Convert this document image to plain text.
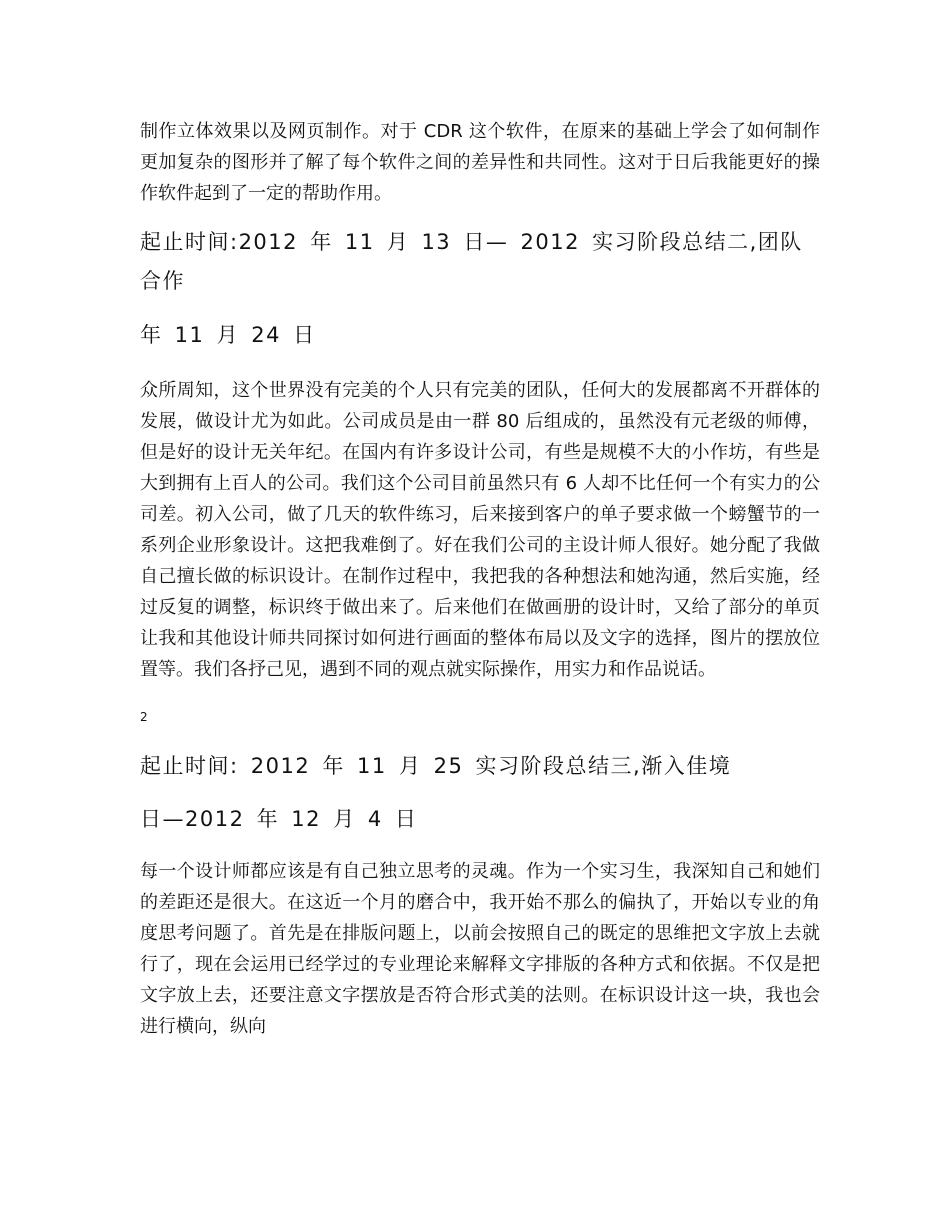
制作立体效果以及网页制作。对于 CDR 这个软件，在原来的基础上学会了如何制作更加复杂的图形并了解了每个软件之间的差异性和共同性。这对于日后我能更好的操作软件起到了一定的帮助作用。

起止时间:2012 年 11 月 13 日— 2012 实习阶段总结二,团队合作

年 11 月 24 日

众所周知，这个世界没有完美的个人只有完美的团队，任何大的发展都离不开群体的发展，做设计尤为如此。公司成员是由一群 80 后组成的，虽然没有元老级的师傅，但是好的设计无关年纪。在国内有许多设计公司，有些是规模不大的小作坊，有些是大到拥有上百人的公司。我们这个公司目前虽然只有 6 人却不比任何一个有实力的公司差。初入公司，做了几天的软件练习，后来接到客户的单子要求做一个螃蟹节的一系列企业形象设计。这把我难倒了。好在我们公司的主设计师人很好。她分配了我做自己擅长做的标识设计。在制作过程中，我把我的各种想法和她沟通，然后实施，经过反复的调整，标识终于做出来了。后来他们在做画册的设计时，又给了部分的单页让我和其他设计师共同探讨如何进行画面的整体布局以及文字的选择，图片的摆放位置等。我们各抒己见，遇到不同的观点就实际操作，用实力和作品说话。

2

起止时间: 2012 年 11 月 25 实习阶段总结三,渐入佳境

日—2012 年 12 月 4 日

每一个设计师都应该是有自己独立思考的灵魂。作为一个实习生，我深知自己和她们的差距还是很大。在这近一个月的磨合中，我开始不那么的偏执了，开始以专业的角度思考问题了。首先是在排版问题上，以前会按照自己的既定的思维把文字放上去就行了，现在会运用已经学过的专业理论来解释文字排版的各种方式和依据。不仅是把文字放上去，还要注意文字摆放是否符合形式美的法则。在标识设计这一块，我也会进行横向，纵向
